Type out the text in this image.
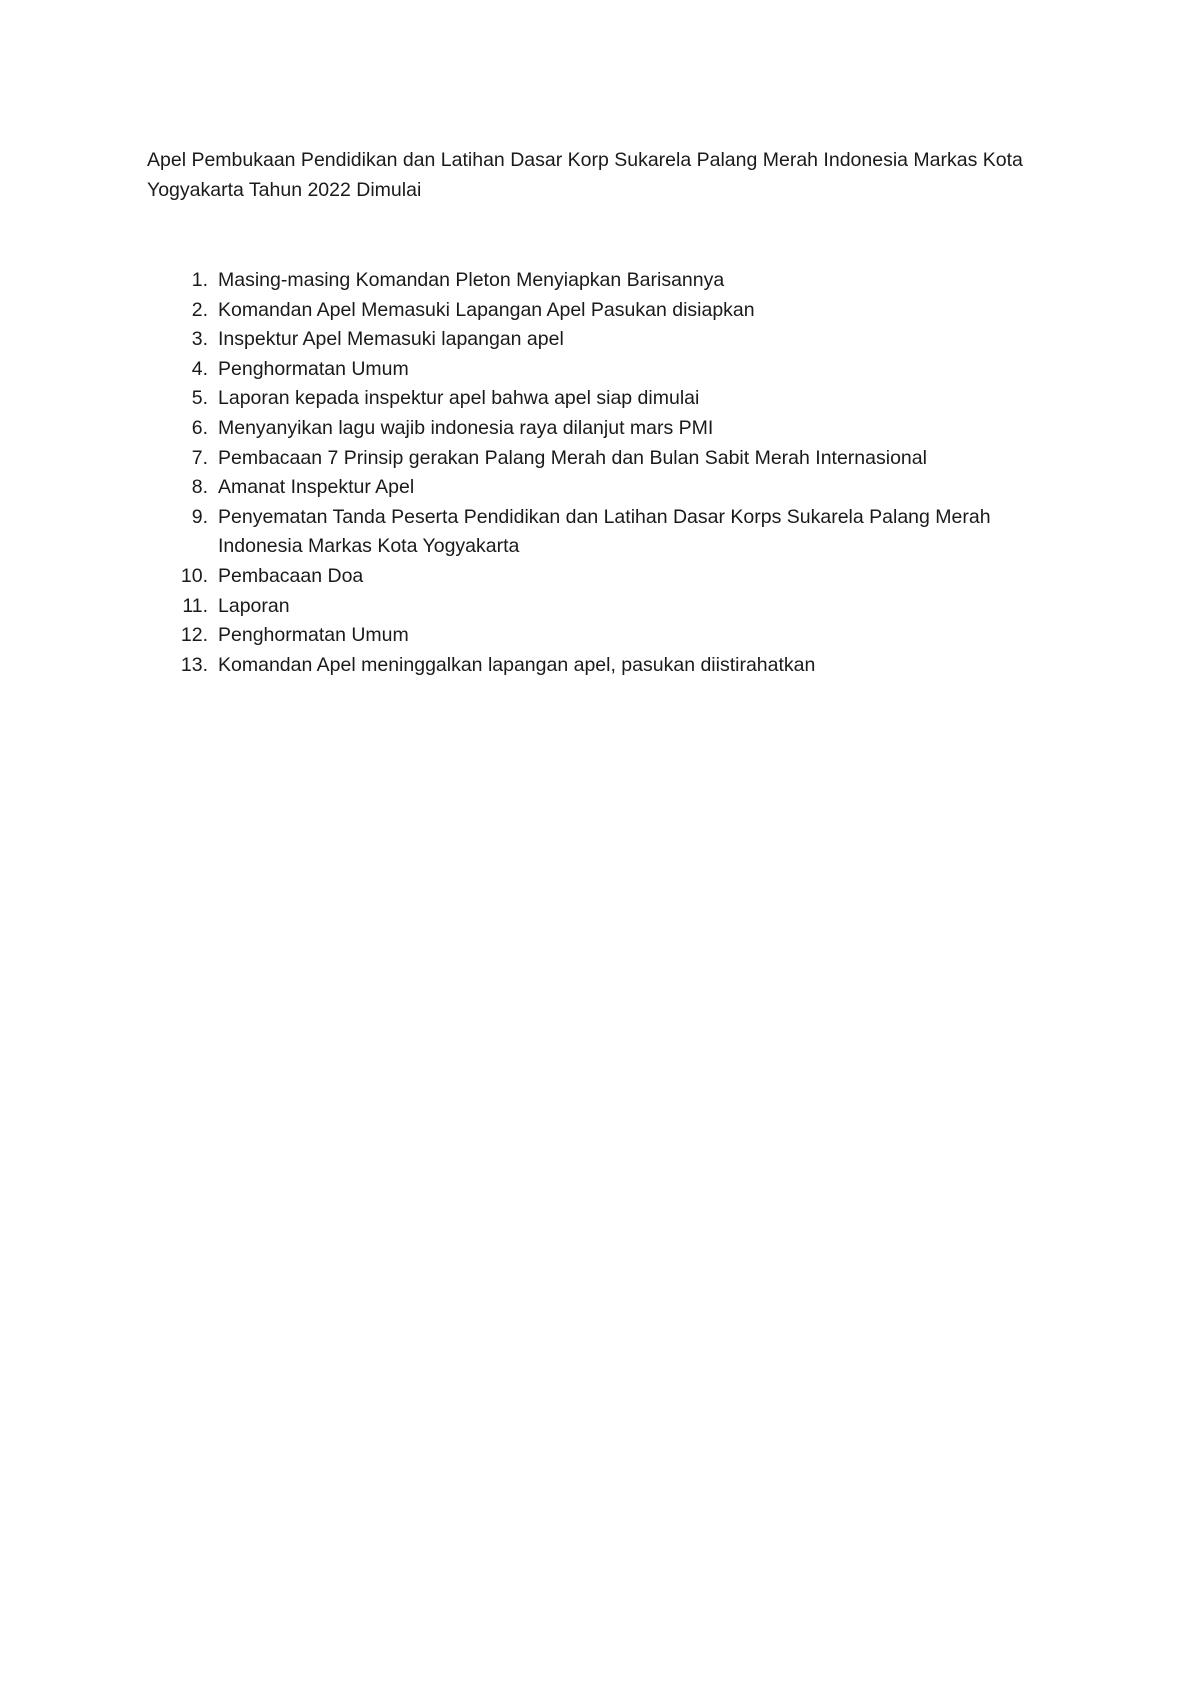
Apel Pembukaan Pendidikan dan Latihan Dasar Korp Sukarela Palang Merah Indonesia Markas Kota Yogyakarta Tahun 2022 Dimulai

1. Masing-masing Komandan Pleton Menyiapkan Barisannya
2. Komandan Apel Memasuki Lapangan Apel Pasukan disiapkan
3. Inspektur Apel Memasuki lapangan apel
4. Penghormatan Umum
5. Laporan kepada inspektur apel bahwa apel siap dimulai
6. Menyanyikan lagu wajib indonesia raya dilanjut mars PMI
7. Pembacaan 7 Prinsip gerakan Palang Merah dan Bulan Sabit Merah Internasional
8. Amanat Inspektur Apel
9. Penyematan Tanda Peserta Pendidikan dan Latihan Dasar Korps Sukarela Palang Merah Indonesia Markas Kota Yogyakarta
10. Pembacaan Doa
11. Laporan
12. Penghormatan Umum
13. Komandan Apel meninggalkan lapangan apel, pasukan diistirahatkan
